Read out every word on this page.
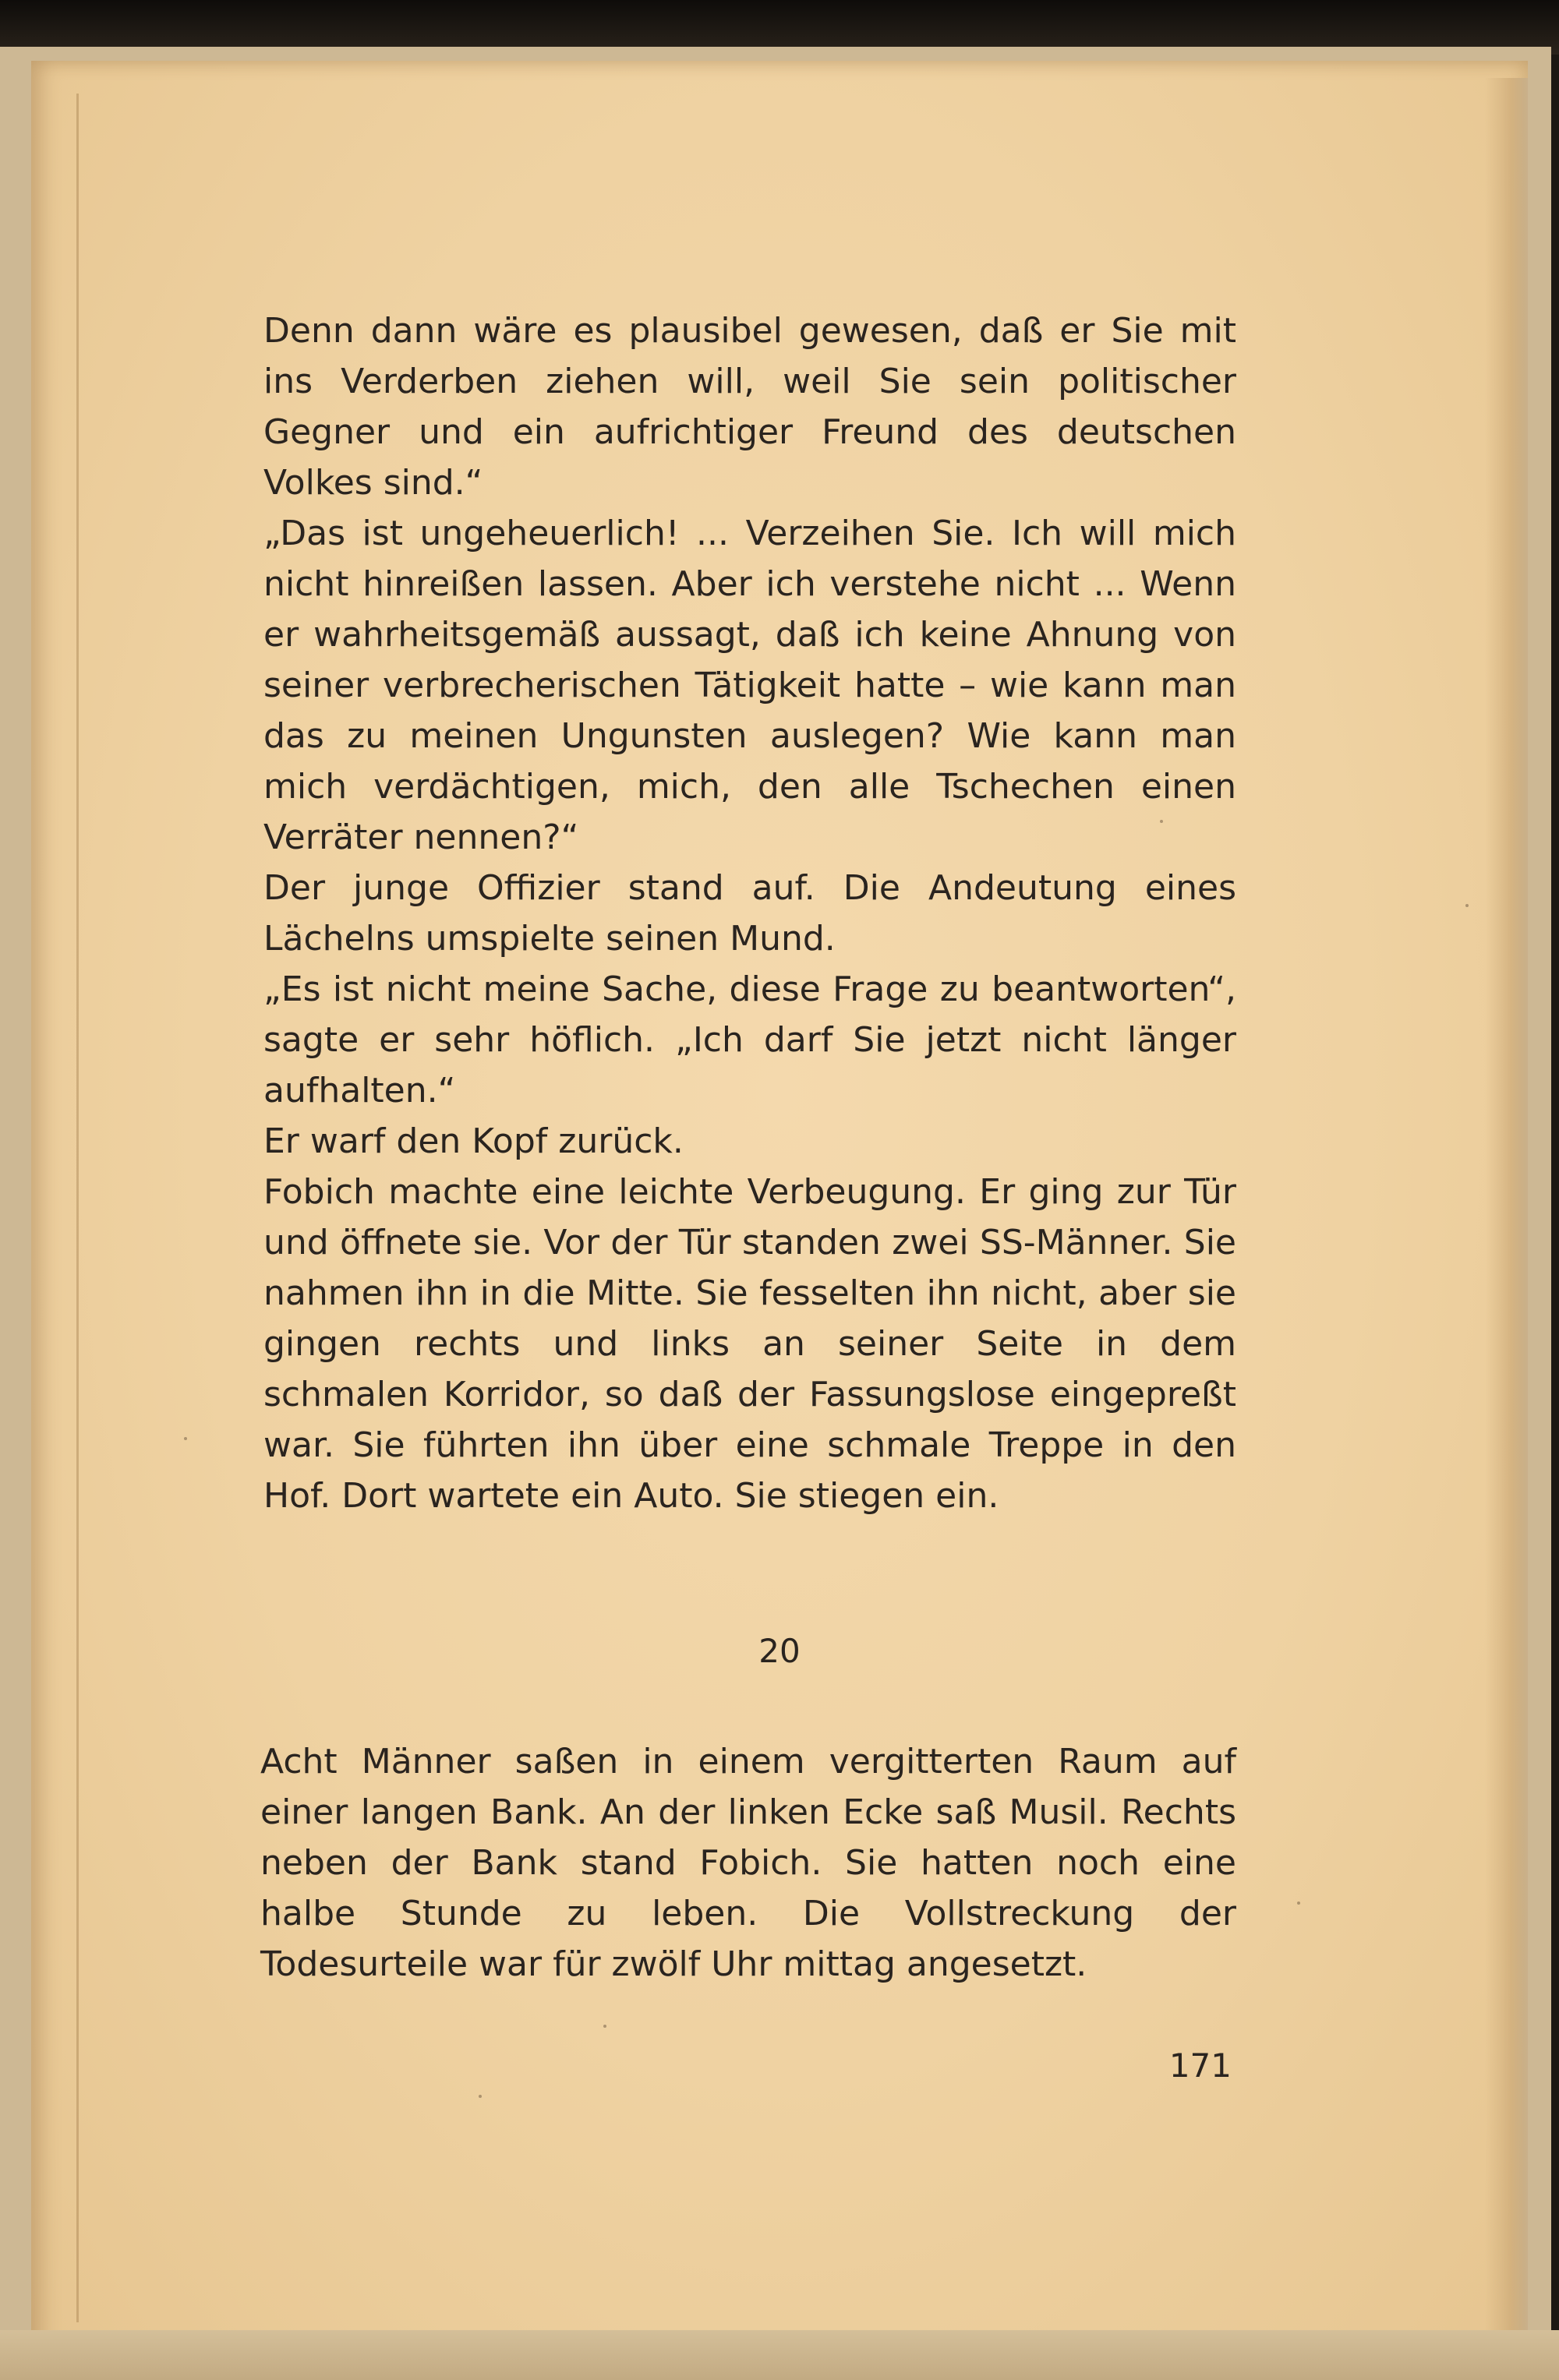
Denn dann wäre es plausibel gewesen, daß er Sie mit ins Verderben ziehen will, weil Sie sein politischer Gegner und ein aufrichtiger Freund des deutschen Volkes sind.“

„Das ist ungeheuerlich! ... Verzeihen Sie. Ich will mich nicht hinreißen lassen. Aber ich verstehe nicht ... Wenn er wahrheitsgemäß aussagt, daß ich keine Ahnung von seiner verbrecherischen Tätigkeit hatte – wie kann man das zu meinen Ungunsten auslegen? Wie kann man mich verdächtigen, mich, den alle Tschechen einen Verräter nennen?“

Der junge Offizier stand auf. Die Andeutung eines Lächelns umspielte seinen Mund.

„Es ist nicht meine Sache, diese Frage zu beantworten“, sagte er sehr höflich. „Ich darf Sie jetzt nicht länger aufhalten.“

Er warf den Kopf zurück.

Fobich machte eine leichte Verbeugung. Er ging zur Tür und öffnete sie. Vor der Tür standen zwei SS-Männer. Sie nahmen ihn in die Mitte. Sie fesselten ihn nicht, aber sie gingen rechts und links an seiner Seite in dem schmalen Korridor, so daß der Fassungslose eingepreßt war. Sie führten ihn über eine schmale Treppe in den Hof. Dort wartete ein Auto. Sie stiegen ein.

20

Acht Männer saßen in einem vergitterten Raum auf einer langen Bank. An der linken Ecke saß Musil. Rechts neben der Bank stand Fobich. Sie hatten noch eine halbe Stunde zu leben. Die Vollstreckung der Todesurteile war für zwölf Uhr mittag angesetzt.

171
